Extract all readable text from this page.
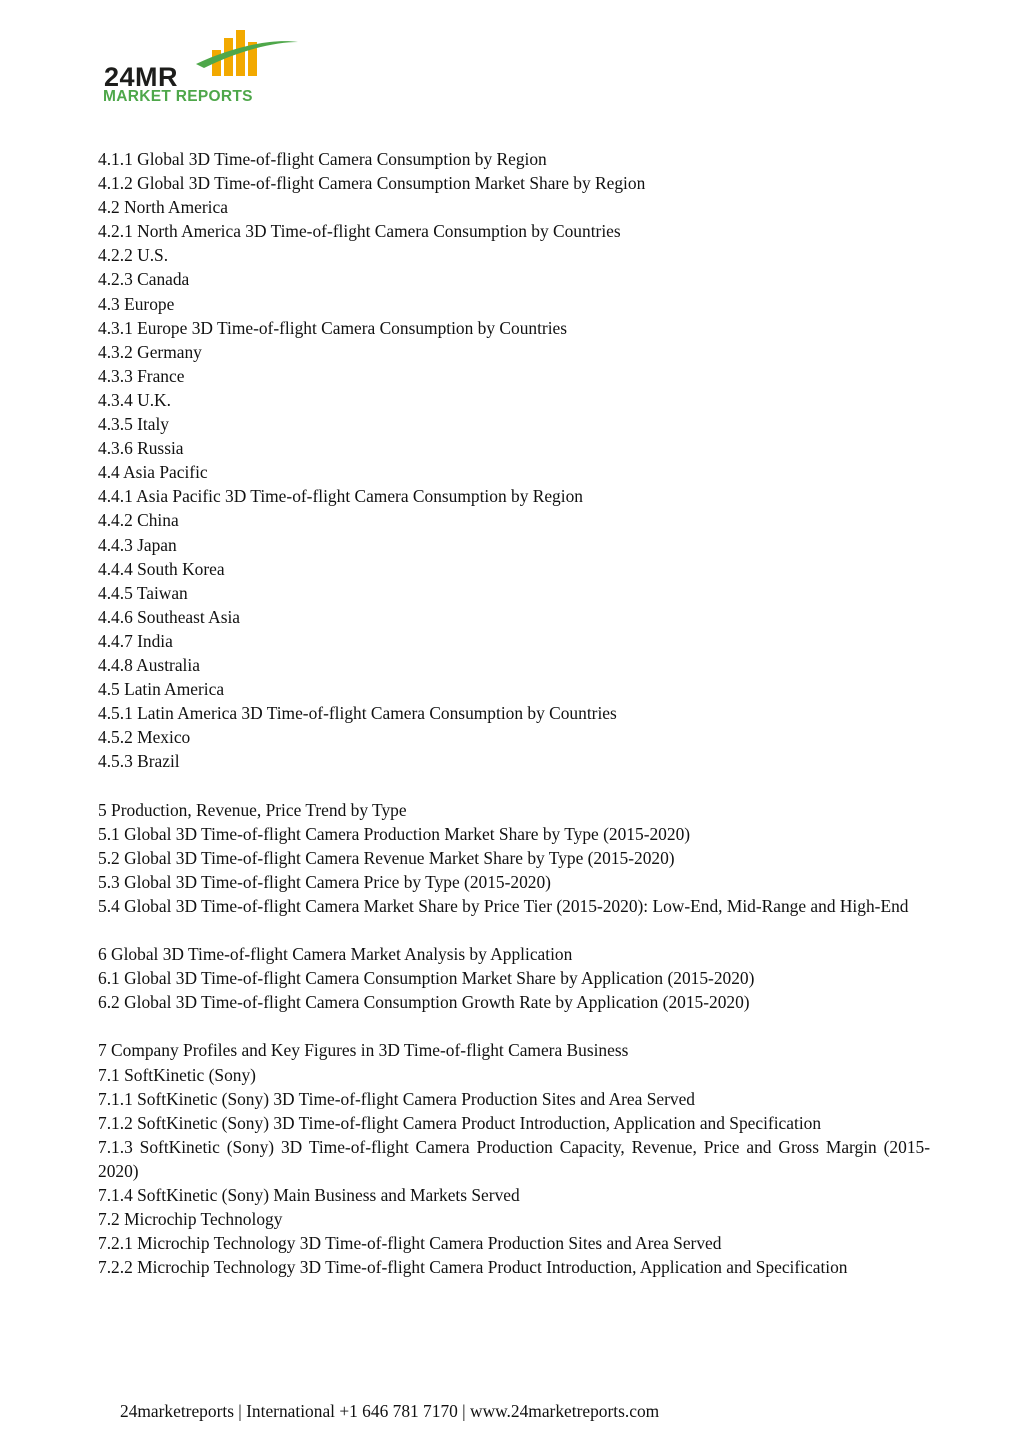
24MR
MARKET REPORTS
4.1.1 Global 3D Time-of-flight Camera Consumption by Region
4.1.2 Global 3D Time-of-flight Camera Consumption Market Share by Region
4.2 North America
4.2.1 North America 3D Time-of-flight Camera Consumption by Countries
4.2.2 U.S.
4.2.3 Canada
4.3 Europe
4.3.1 Europe 3D Time-of-flight Camera Consumption by Countries
4.3.2 Germany
4.3.3 France
4.3.4 U.K.
4.3.5 Italy
4.3.6 Russia
4.4 Asia Pacific
4.4.1 Asia Pacific 3D Time-of-flight Camera Consumption by Region
4.4.2 China
4.4.3 Japan
4.4.4 South Korea
4.4.5 Taiwan
4.4.6 Southeast Asia
4.4.7 India
4.4.8 Australia
4.5 Latin America
4.5.1 Latin America 3D Time-of-flight Camera Consumption by Countries
4.5.2 Mexico
4.5.3 Brazil
5 Production, Revenue, Price Trend by Type
5.1 Global 3D Time-of-flight Camera Production Market Share by Type (2015-2020)
5.2 Global 3D Time-of-flight Camera Revenue Market Share by Type (2015-2020)
5.3 Global 3D Time-of-flight Camera Price by Type (2015-2020)
5.4 Global 3D Time-of-flight Camera Market Share by Price Tier (2015-2020): Low-End, Mid-Range and High-End
6 Global 3D Time-of-flight Camera Market Analysis by Application
6.1 Global 3D Time-of-flight Camera Consumption Market Share by Application (2015-2020)
6.2 Global 3D Time-of-flight Camera Consumption Growth Rate by Application (2015-2020)
7 Company Profiles and Key Figures in 3D Time-of-flight Camera Business
7.1 SoftKinetic (Sony)
7.1.1 SoftKinetic (Sony) 3D Time-of-flight Camera Production Sites and Area Served
7.1.2 SoftKinetic (Sony) 3D Time-of-flight Camera Product Introduction, Application and Specification
7.1.3 SoftKinetic (Sony) 3D Time-of-flight Camera Production Capacity, Revenue, Price and Gross Margin (2015-2020)
7.1.4 SoftKinetic (Sony) Main Business and Markets Served
7.2 Microchip Technology
7.2.1 Microchip Technology 3D Time-of-flight Camera Production Sites and Area Served
7.2.2 Microchip Technology 3D Time-of-flight Camera Product Introduction, Application and Specification
24marketreports | International +1 646 781 7170 | www.24marketreports.com
